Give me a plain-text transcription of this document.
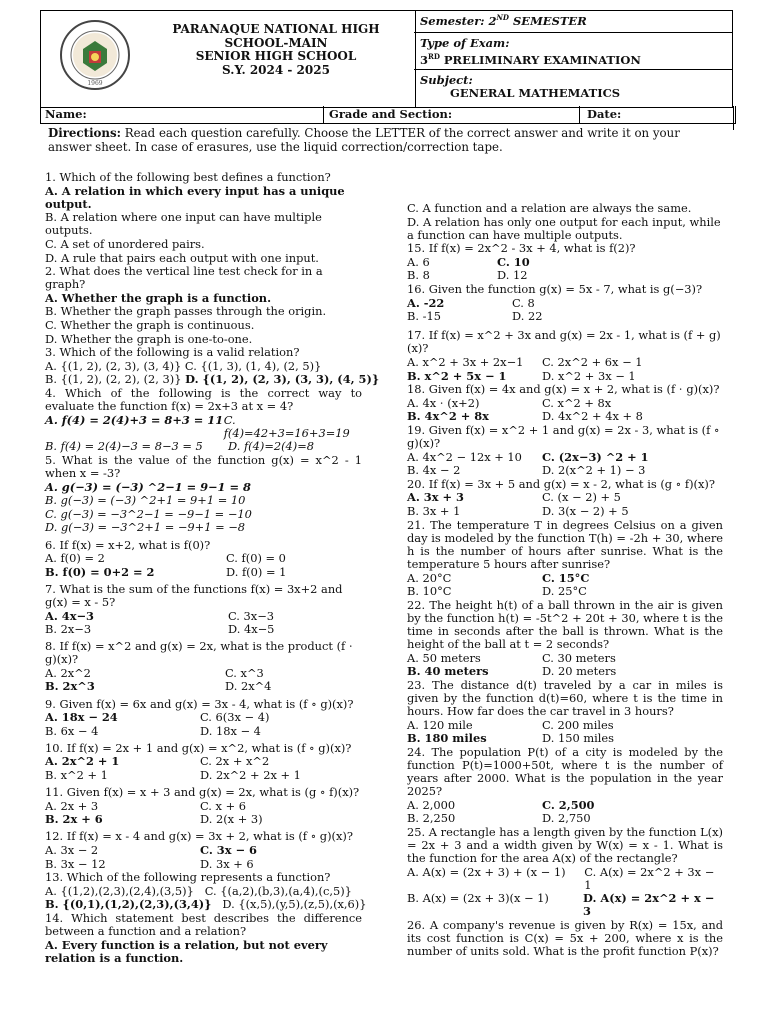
1969
PARANAQUE NATIONAL HIGH
SCHOOL-MAIN
SENIOR HIGH SCHOOL
S.Y. 2024 - 2025
Semester: 2ND SEMESTER
Type of Exam:
3RD PRELIMINARY EXAMINATION
Subject:
GENERAL MATHEMATICS
Name:	Grade and Section:	Date:
Directions: Read each question carefully. Choose the LETTER of the correct answer and write it on your answer sheet. In case of erasures, use the liquid correction/correction tape.
1. Which of the following best defines a function?
A. A relation in which every input has a unique output.
B. A relation where one input can have multiple outputs.
C. A set of unordered pairs.
D. A rule that pairs each output with one input.
2. What does the vertical line test check for in a graph?
A. Whether the graph is a function.
B. Whether the graph passes through the origin.
C. Whether the graph is continuous.
D. Whether the graph is one-to-one.
3. Which of the following is a valid relation?
A. {(1, 2), (2, 3), (3, 4)} C. {(1, 3), (1, 4), (2, 5)}
B. {(1, 2), (2, 2), (2, 3)} D. {(1, 2), (2, 3), (3, 3), (4, 5)}
4. Which of the following is the correct way to evaluate the function f(x) = 2x+3 at x = 4?
A. f(4) = 2(4)+3 = 8+3 = 11 C. f(4)=42+3=16+3=19
B. f(4) = 2(4)−3 = 8−3 = 5	D. f(4)=2(4)=8
5. What is the value of the function g(x) = x^2 - 1 when x = -3?
A. g(−3) = (−3) ^2−1 = 9−1 = 8
B. g(−3) = (−3) ^2+1 = 9+1 = 10
C. g(−3) = −3^2−1 = −9−1 = −10
D. g(−3) = −3^2+1 = −9+1 = −8
6. If f(x) = x+2, what is f(0)?
A. f(0) = 2	C. f(0) = 0
B. f(0) = 0+2 = 2	D. f(0) = 1
7. What is the sum of the functions f(x) = 3x+2 and g(x) = x - 5?
A. 4x−3	C. 3x−3
B. 2x−3	D. 4x−5
8. If f(x) = x^2 and g(x) = 2x, what is the product (f ⋅ g)(x)?
A. 2x^2	C. x^3
B. 2x^3	D. 2x^4
9. Given f(x) = 6x and g(x) = 3x - 4, what is (f ∘ g)(x)?
A. 18x − 24	C. 6(3x − 4)
B. 6x − 4	D. 18x − 4
10. If f(x) = 2x + 1 and g(x) = x^2, what is (f ∘ g)(x)?
A. 2x^2 + 1	C. 2x + x^2
B. x^2 + 1	D. 2x^2 + 2x + 1
11. Given f(x) = x + 3 and g(x) = 2x, what is (g ∘ f)(x)?
A. 2x + 3	C. x + 6
B. 2x + 6	D. 2(x + 3)
12. If f(x) = x - 4 and g(x) = 3x + 2, what is (f ∘ g)(x)?
A. 3x − 2	C. 3x − 6
B. 3x − 12	D. 3x + 6
13. Which of the following represents a function?
A. {(1,2),(2,3),(2,4),(3,5)} C. {(a,2),(b,3),(a,4),(c,5)}
B. {(0,1),(1,2),(2,3),(3,4)} D. {(x,5),(y,5),(z,5),(x,6)}
14. Which statement best describes the difference between a function and a relation?
A. Every function is a relation, but not every relation is a function.
C. A function and a relation are always the same.
D. A relation has only one output for each input, while a function can have multiple outputs.
15. If f(x) = 2x^2 - 3x + 4, what is f(2)?
A. 6	C. 10
B. 8	D. 12
16. Given the function g(x) = 5x - 7, what is g(−3)?
A. -22	C. 8
B. -15	D. 22
17. If f(x) = x^2 + 3x and g(x) = 2x - 1, what is (f + g)(x)?
A. x^2 + 3x + 2x−1	C. 2x^2 + 6x − 1
B. x^2 + 5x − 1	D. x^2 + 3x − 1
18. Given f(x) = 4x and g(x) = x + 2, what is (f ⋅ g)(x)?
A. 4x ⋅ (x+2)	C. x^2 + 8x
B. 4x^2 + 8x	D. 4x^2 + 4x + 8
19. Given f(x) = x^2 + 1 and g(x) = 2x - 3, what is (f ∘ g)(x)?
A. 4x^2 − 12x + 10	C. (2x−3) ^2 + 1
B. 4x − 2	D. 2(x^2 + 1) − 3
20. If f(x) = 3x + 5 and g(x) = x - 2, what is (g ∘ f)(x)?
A. 3x + 3	C. (x − 2) + 5
B. 3x + 1	D. 3(x − 2) + 5
21. The temperature T in degrees Celsius on a given day is modeled by the function T(h) = -2h + 30, where h is the number of hours after sunrise. What is the temperature 5 hours after sunrise?
A. 20°C	C. 15°C
B. 10°C	D. 25°C
22. The height h(t) of a ball thrown in the air is given by the function h(t) = -5t^2 + 20t + 30, where t is the time in seconds after the ball is thrown. What is the height of the ball at t = 2 seconds?
A. 50 meters	C. 30 meters
B. 40 meters	D. 20 meters
23. The distance d(t) traveled by a car in miles is given by the function d(t)=60, where t is the time in hours. How far does the car travel in 3 hours?
A. 120 mile	C. 200 miles
B. 180 miles	D. 150 miles
24. The population P(t) of a city is modeled by the function P(t)=1000+50t, where t is the number of years after 2000. What is the population in the year 2025?
A. 2,000	C. 2,500
B. 2,250	D. 2,750
25. A rectangle has a length given by the function L(x) = 2x + 3 and a width given by W(x) = x - 1. What is the function for the area A(x) of the rectangle?
A. A(x) = (2x + 3) + (x − 1)	C. A(x) = 2x^2 + 3x − 1
B. A(x) = (2x + 3)(x − 1)	D. A(x) = 2x^2 + x − 3
26. A company's revenue is given by R(x) = 15x, and its cost function is C(x) = 5x + 200, where x is the number of units sold. What is the profit function P(x)?
